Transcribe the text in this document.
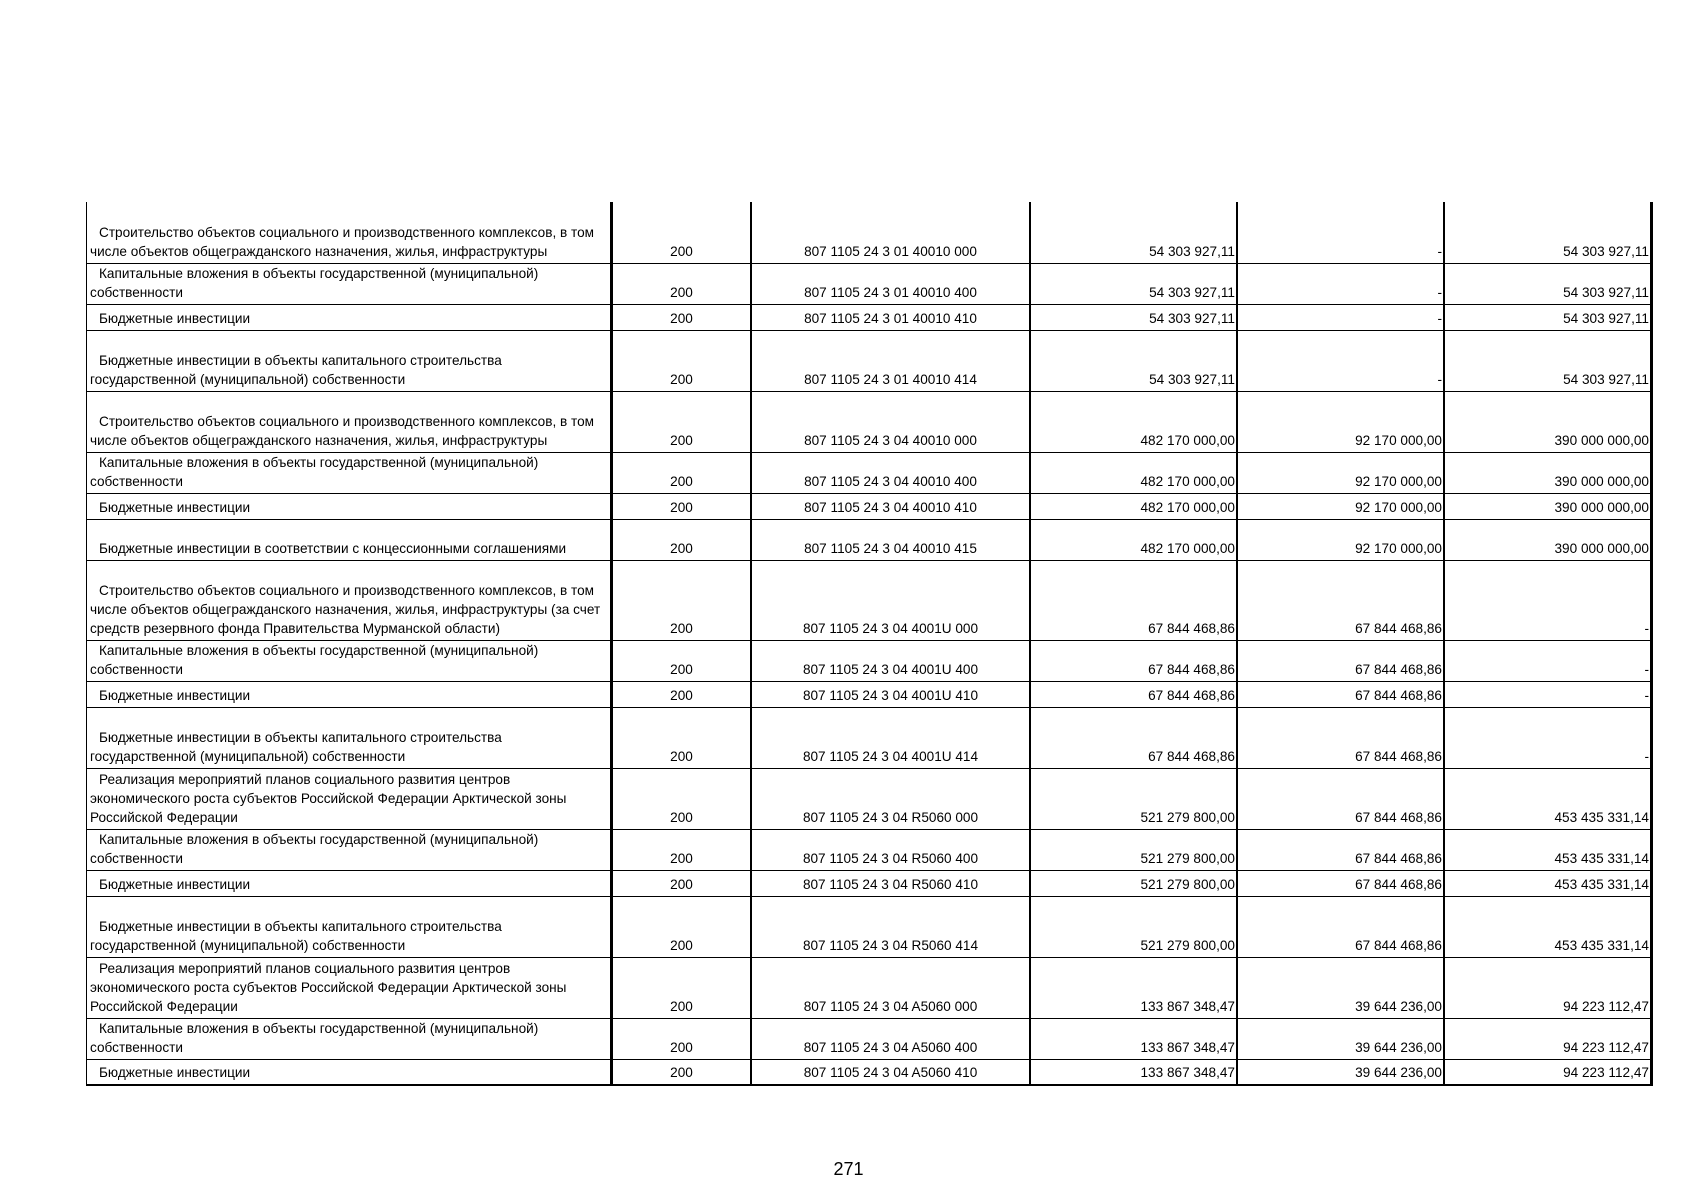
Строительство объектов социального и производственного комплексов, в том числе объектов общегражданского назначения, жилья, инфраструктуры	200	807 1105 24 3 01 40010 000	54 303 927,11	-	54 303 927,11

Капитальные вложения в объекты государственной (муниципальной) собственности	200	807 1105 24 3 01 40010 400	54 303 927,11	-	54 303 927,11

Бюджетные инвестиции	200	807 1105 24 3 01 40010 410	54 303 927,11	-	54 303 927,11

Бюджетные инвестиции в объекты капитального строительства государственной (муниципальной) собственности	200	807 1105 24 3 01 40010 414	54 303 927,11	-	54 303 927,11

Строительство объектов социального и производственного комплексов, в том числе объектов общегражданского назначения, жилья, инфраструктуры	200	807 1105 24 3 04 40010 000	482 170 000,00	92 170 000,00	390 000 000,00

Капитальные вложения в объекты государственной (муниципальной) собственности	200	807 1105 24 3 04 40010 400	482 170 000,00	92 170 000,00	390 000 000,00

Бюджетные инвестиции	200	807 1105 24 3 04 40010 410	482 170 000,00	92 170 000,00	390 000 000,00

Бюджетные инвестиции в соответствии с концессионными соглашениями	200	807 1105 24 3 04 40010 415	482 170 000,00	92 170 000,00	390 000 000,00

Строительство объектов социального и производственного комплексов, в том числе объектов общегражданского назначения, жилья, инфраструктуры (за счет средств резервного фонда Правительства Мурманской области)	200	807 1105 24 3 04 4001U 000	67 844 468,86	67 844 468,86	-

Капитальные вложения в объекты государственной (муниципальной) собственности	200	807 1105 24 3 04 4001U 400	67 844 468,86	67 844 468,86	-

Бюджетные инвестиции	200	807 1105 24 3 04 4001U 410	67 844 468,86	67 844 468,86	-

Бюджетные инвестиции в объекты капитального строительства государственной (муниципальной) собственности	200	807 1105 24 3 04 4001U 414	67 844 468,86	67 844 468,86	-

Реализация мероприятий планов социального развития центров экономического роста субъектов Российской Федерации Арктической зоны Российской Федерации	200	807 1105 24 3 04 R5060 000	521 279 800,00	67 844 468,86	453 435 331,14

Капитальные вложения в объекты государственной (муниципальной) собственности	200	807 1105 24 3 04 R5060 400	521 279 800,00	67 844 468,86	453 435 331,14

Бюджетные инвестиции	200	807 1105 24 3 04 R5060 410	521 279 800,00	67 844 468,86	453 435 331,14

Бюджетные инвестиции в объекты капитального строительства государственной (муниципальной) собственности	200	807 1105 24 3 04 R5060 414	521 279 800,00	67 844 468,86	453 435 331,14

Реализация мероприятий планов социального развития центров экономического роста субъектов Российской Федерации Арктической зоны Российской Федерации	200	807 1105 24 3 04 A5060 000	133 867 348,47	39 644 236,00	94 223 112,47

Капитальные вложения в объекты государственной (муниципальной) собственности	200	807 1105 24 3 04 A5060 400	133 867 348,47	39 644 236,00	94 223 112,47

Бюджетные инвестиции	200	807 1105 24 3 04 A5060 410	133 867 348,47	39 644 236,00	94 223 112,47
271
